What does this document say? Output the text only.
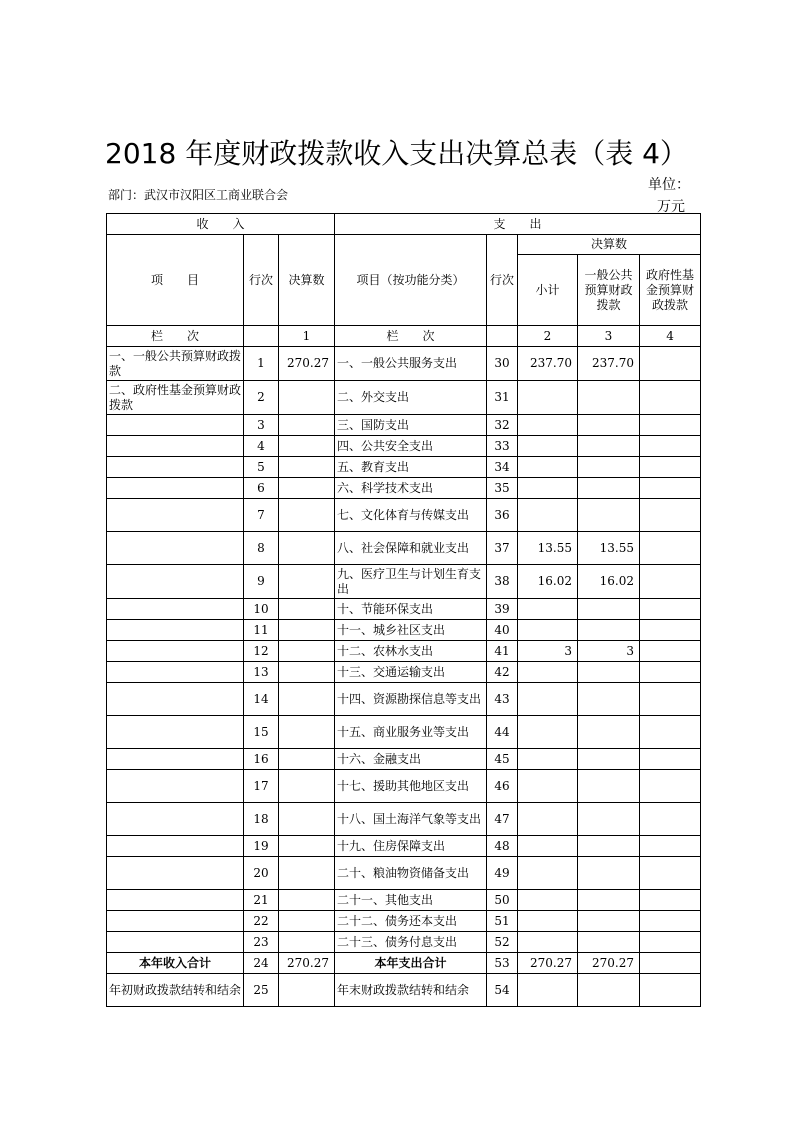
2018 年度财政拨款收入支出决算总表（表 4）
部门：武汉市汉阳区工商业联合会
单位：
万元
收　　入			支　　出				
项　　目	行次	决算数	项目（按功能分类）	行次	决算数		
					小计	一般公共预算财政拨款	政府性基金预算财政拨款
栏　　次		1	栏　　次		2	3	4
一、一般公共预算财政拨款	1	270.27	一、一般公共服务支出	30	237.70	237.70	
二、政府性基金预算财政拨款	2		二、外交支出	31			
	3		三、国防支出	32			
	4		四、公共安全支出	33			
	5		五、教育支出	34			
	6		六、科学技术支出	35			
	7		七、文化体育与传媒支出	36			
	8		八、社会保障和就业支出	37	13.55	13.55	
	9		九、医疗卫生与计划生育支出	38	16.02	16.02	
	10		十、节能环保支出	39			
	11		十一、城乡社区支出	40			
	12		十二、农林水支出	41	3	3	
	13		十三、交通运输支出	42			
	14		十四、资源勘探信息等支出	43			
	15		十五、商业服务业等支出	44			
	16		十六、金融支出	45			
	17		十七、援助其他地区支出	46			
	18		十八、国土海洋气象等支出	47			
	19		十九、住房保障支出	48			
	20		二十、粮油物资储备支出	49			
	21		二十一、其他支出	50			
	22		二十二、债务还本支出	51			
	23		二十三、债务付息支出	52			
本年收入合计	24	270.27	本年支出合计	53	270.27	270.27	
年初财政拨款结转和结余	25		年末财政拨款结转和结余	54			
